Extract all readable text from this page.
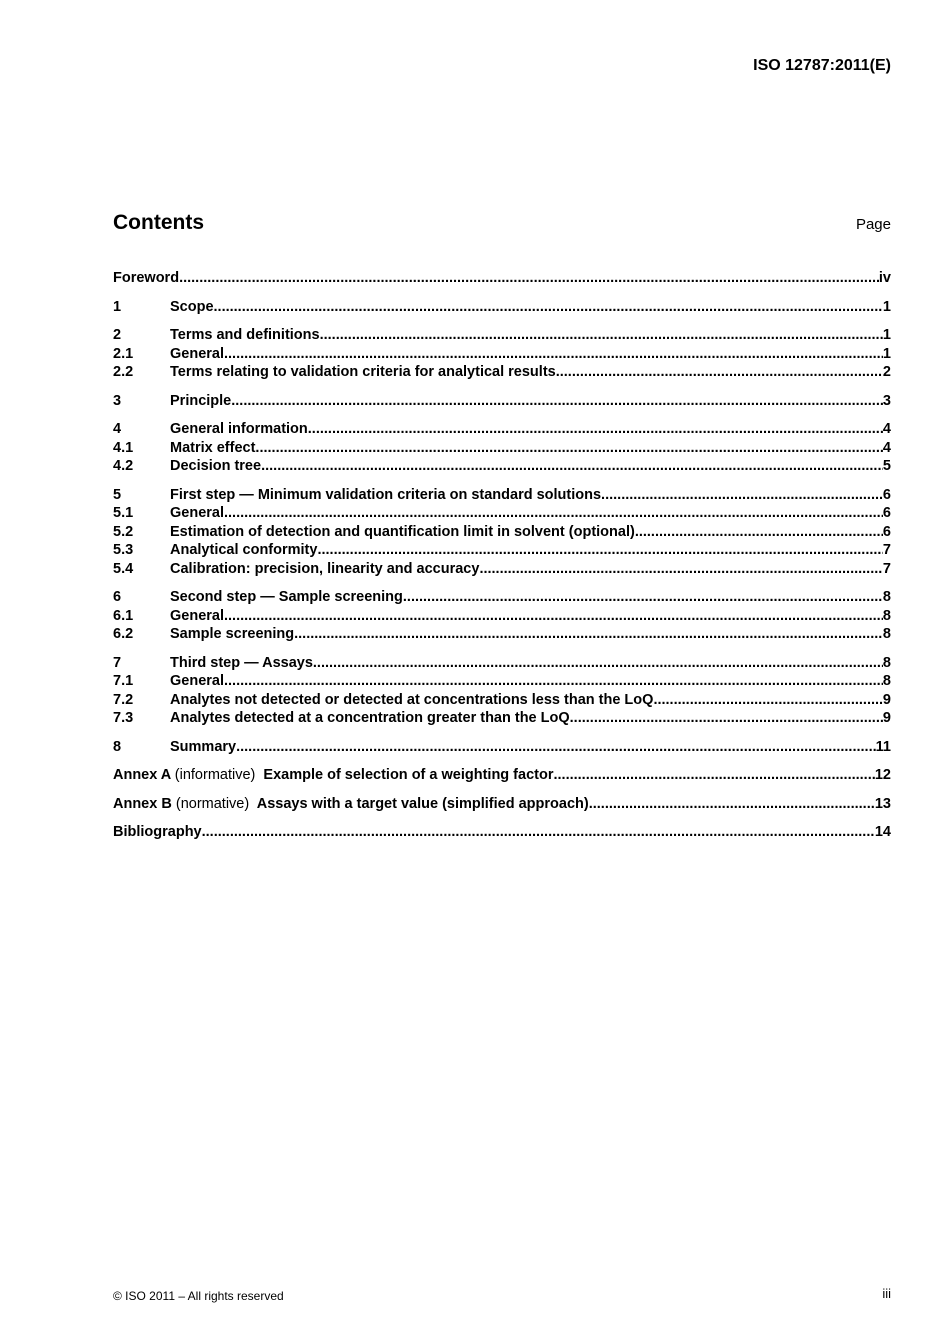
ISO 12787:2011(E)
Contents	Page
Foreword .....	iv
1	Scope .....	1
2	Terms and definitions .....	1
2.1	General .....	1
2.2	Terms relating to validation criteria for analytical results .....	2
3	Principle .....	3
4	General information .....	4
4.1	Matrix effect .....	4
4.2	Decision tree .....	5
5	First step — Minimum validation criteria on standard solutions .....	6
5.1	General .....	6
5.2	Estimation of detection and quantification limit in solvent (optional) .....	6
5.3	Analytical conformity .....	7
5.4	Calibration: precision, linearity and accuracy .....	7
6	Second step — Sample screening .....	8
6.1	General .....	8
6.2	Sample screening .....	8
7	Third step — Assays .....	8
7.1	General .....	8
7.2	Analytes not detected or detected at concentrations less than the LoQ .....	9
7.3	Analytes detected at a concentration greater than the LoQ .....	9
8	Summary .....	11
Annex A (informative) Example of selection of a weighting factor .....	12
Annex B (normative) Assays with a target value (simplified approach) .....	13
Bibliography .....	14
© ISO 2011 – All rights reserved	iii
